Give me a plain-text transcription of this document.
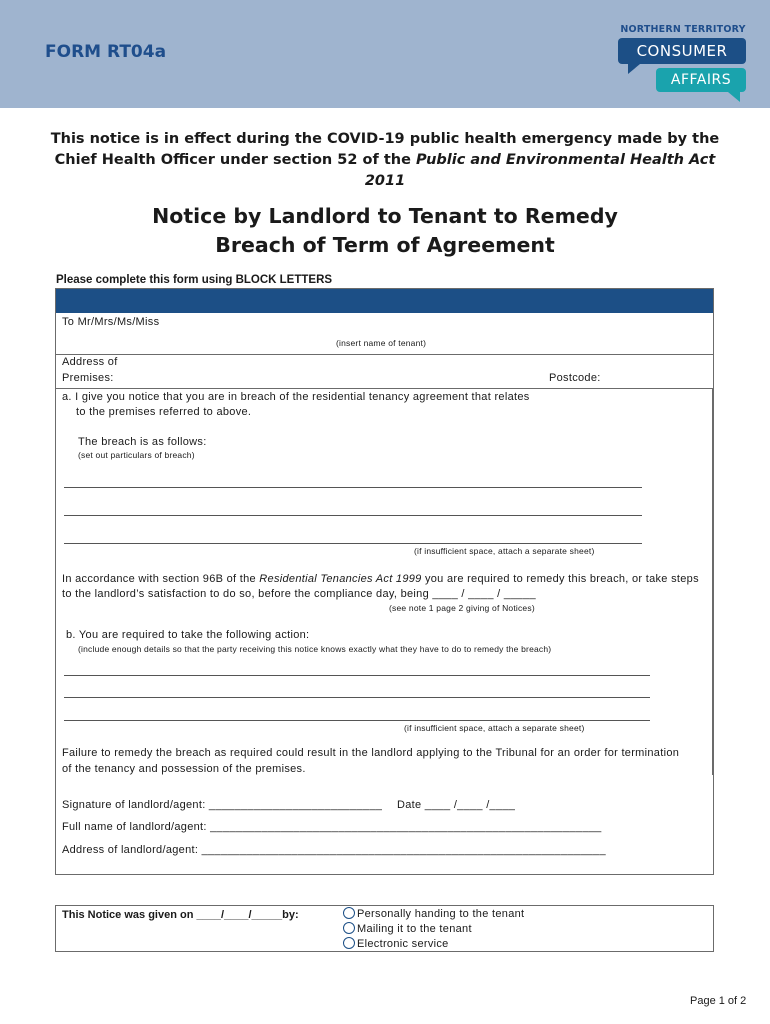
FORM RT04a
NORTHERN TERRITORY
CONSUMER
AFFAIRS
This notice is in effect during the COVID-19 public health emergency made by the Chief Health Officer under section 52 of the Public and Environmental Health Act 2011
Notice by Landlord to Tenant to Remedy
Breach of Term of Agreement
Please complete this form using BLOCK LETTERS
To Mr/Mrs/Ms/Miss
(insert name of tenant)
Address of
Premises:	Postcode:
a. I give you notice that you are in breach of the residential tenancy agreement that relates
to the premises referred to above.
The breach is as follows:
(set out particulars of breach)
(if insufficient space, attach a separate sheet)
In accordance with section 96B of the Residential Tenancies Act 1999 you are required to remedy this breach, or take steps
to the landlord’s satisfaction to do so, before the compliance day, being ____ / ____ / _____
(see note 1 page 2 giving of Notices)
b. You are required to take the following action:
(include enough details so that the party receiving this notice knows exactly what they have to do to remedy the breach)
(if insufficient space, attach a separate sheet)
Failure to remedy the breach as required could result in the landlord applying to the Tribunal for an order for termination
of the tenancy and possession of the premises.
Signature of landlord/agent: ___________________________ Date ____ /____ /____
Full name of landlord/agent: _____________________________________________________________
Address of landlord/agent: _______________________________________________________________
This Notice was given on ____/____/_____by:	Personally handing to the tenant
Mailing it to the tenant
Electronic service
Page 1 of 2
